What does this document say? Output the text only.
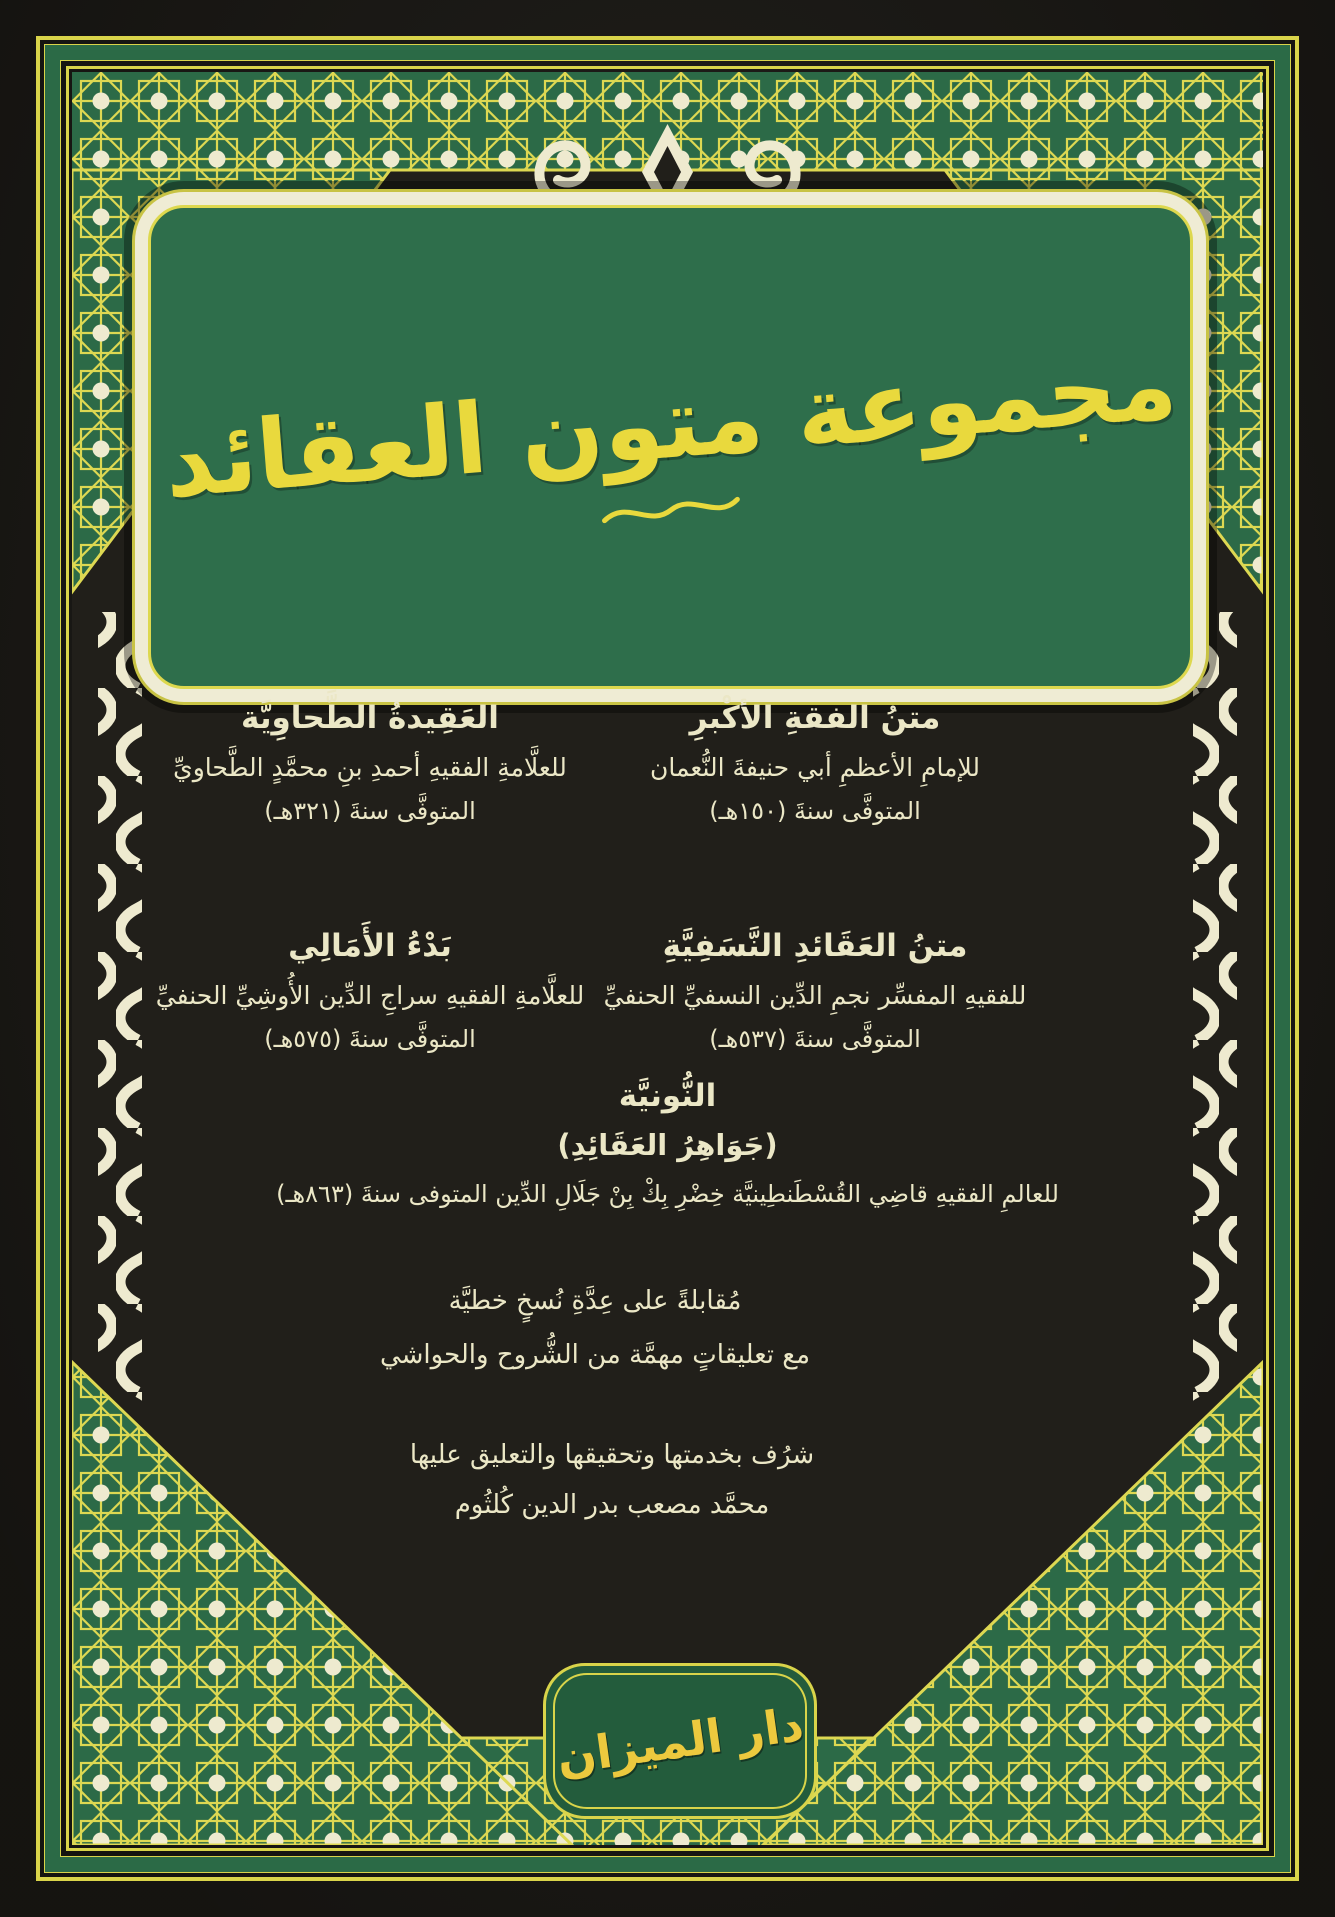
مجموعة متون العقائد
متنُ الفقةِ الأكْبرِ

للإمامِ الأعظمِ أبي حنيفةَ النُّعمان

المتوفَّى سنةَ (١٥٠هـ)

العَقِيدةُ الطَّحاوِيَّة

للعلَّامةِ الفقيهِ أحمدِ بنِ محمَّدٍ الطَّحاويِّ

المتوفَّى سنةَ (٣٢١هـ)

متنُ العَقَائدِ النَّسَفِيَّةِ

للفقيهِ المفسِّر نجمِ الدِّين النسفيِّ الحنفيِّ

المتوفَّى سنةَ (٥٣٧هـ)

بَدْءُ الأَمَالِي

للعلَّامةِ الفقيهِ سراجِ الدِّين الأُوشِيِّ الحنفيِّ

المتوفَّى سنةَ (٥٧٥هـ)

النُّونيَّة

(جَوَاهِرُ العَقَائِدِ)

للعالمِ الفقيهِ قاضِي القُسْطَنطِينيَّة خِضْرِ بِكْ بِنْ جَلَالِ الدِّين المتوفى سنةَ (٨٦٣هـ)

مُقابلةً على عِدَّةِ نُسخٍ خطيَّة

مع تعليقاتٍ مهمَّة من الشُّروح والحواشي

شرُف بخدمتها وتحقيقها والتعليق عليها

محمَّد مصعب بدر الدين كُلثُوم

دار الميزان
